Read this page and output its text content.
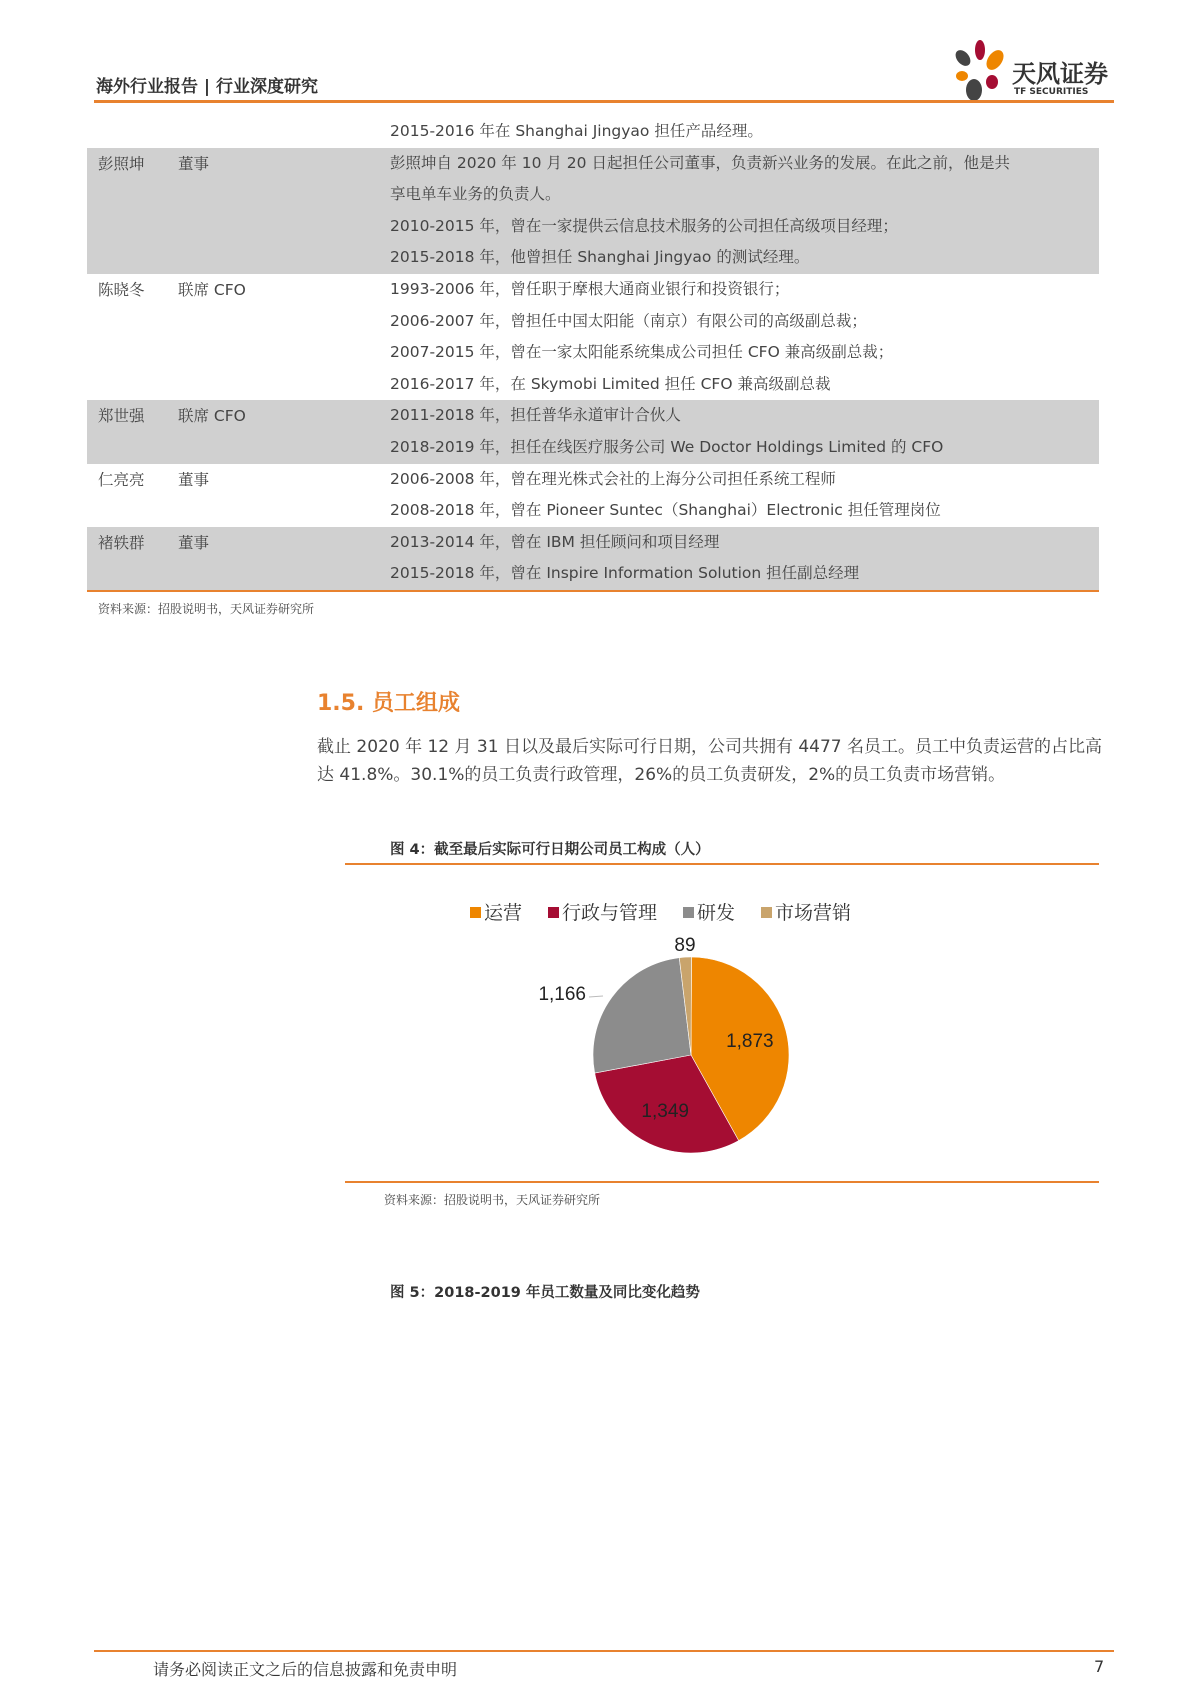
海外行业报告 | 行业深度研究	天风证券
TF SECURITIES

		2015-2016 年在 Shanghai Jingyao 担任产品经理。

彭照坤	董事	彭照坤自 2020 年 10 月 20 日起担任公司董事，负责新兴业务的发展。在此之前，他是共
享电单车业务的负责人。
2010-2015 年，曾在一家提供云信息技术服务的公司担任高级项目经理；
2015-2018 年，他曾担任 Shanghai Jingyao 的测试经理。

陈晓冬	联席 CFO	1993-2006 年，曾任职于摩根大通商业银行和投资银行；
2006-2007 年，曾担任中国太阳能（南京）有限公司的高级副总裁；
2007-2015 年，曾在一家太阳能系统集成公司担任 CFO 兼高级副总裁；
2016-2017 年，在 Skymobi Limited 担任 CFO 兼高级副总裁

郑世强	联席 CFO	2011-2018 年，担任普华永道审计合伙人
2018-2019 年，担任在线医疗服务公司 We Doctor Holdings Limited 的 CFO

仁亮亮	董事	2006-2008 年，曾在理光株式会社的上海分公司担任系统工程师
2008-2018 年，曾在 Pioneer Suntec（Shanghai）Electronic 担任管理岗位

褚轶群	董事	2013-2014 年，曾在 IBM 担任顾问和项目经理
2015-2018 年，曾在 Inspire Information Solution 担任副总经理
资料来源：招股说明书，天风证券研究所
1.5. 员工组成
截止 2020 年 12 月 31 日以及最后实际可行日期，公司共拥有 4477 名员工。员工中负责运营的占比高达 41.8%。30.1%的员工负责行政管理，26%的员工负责研发，2%的员工负责市场营销。
图 4：截至最后实际可行日期公司员工构成（人）
运营	行政与管理	研发	市场营销
1,873
1,349
1,166
89
资料来源：招股说明书，天风证券研究所
图 5：2018-2019 年员工数量及同比变化趋势
请务必阅读正文之后的信息披露和免责申明	7
